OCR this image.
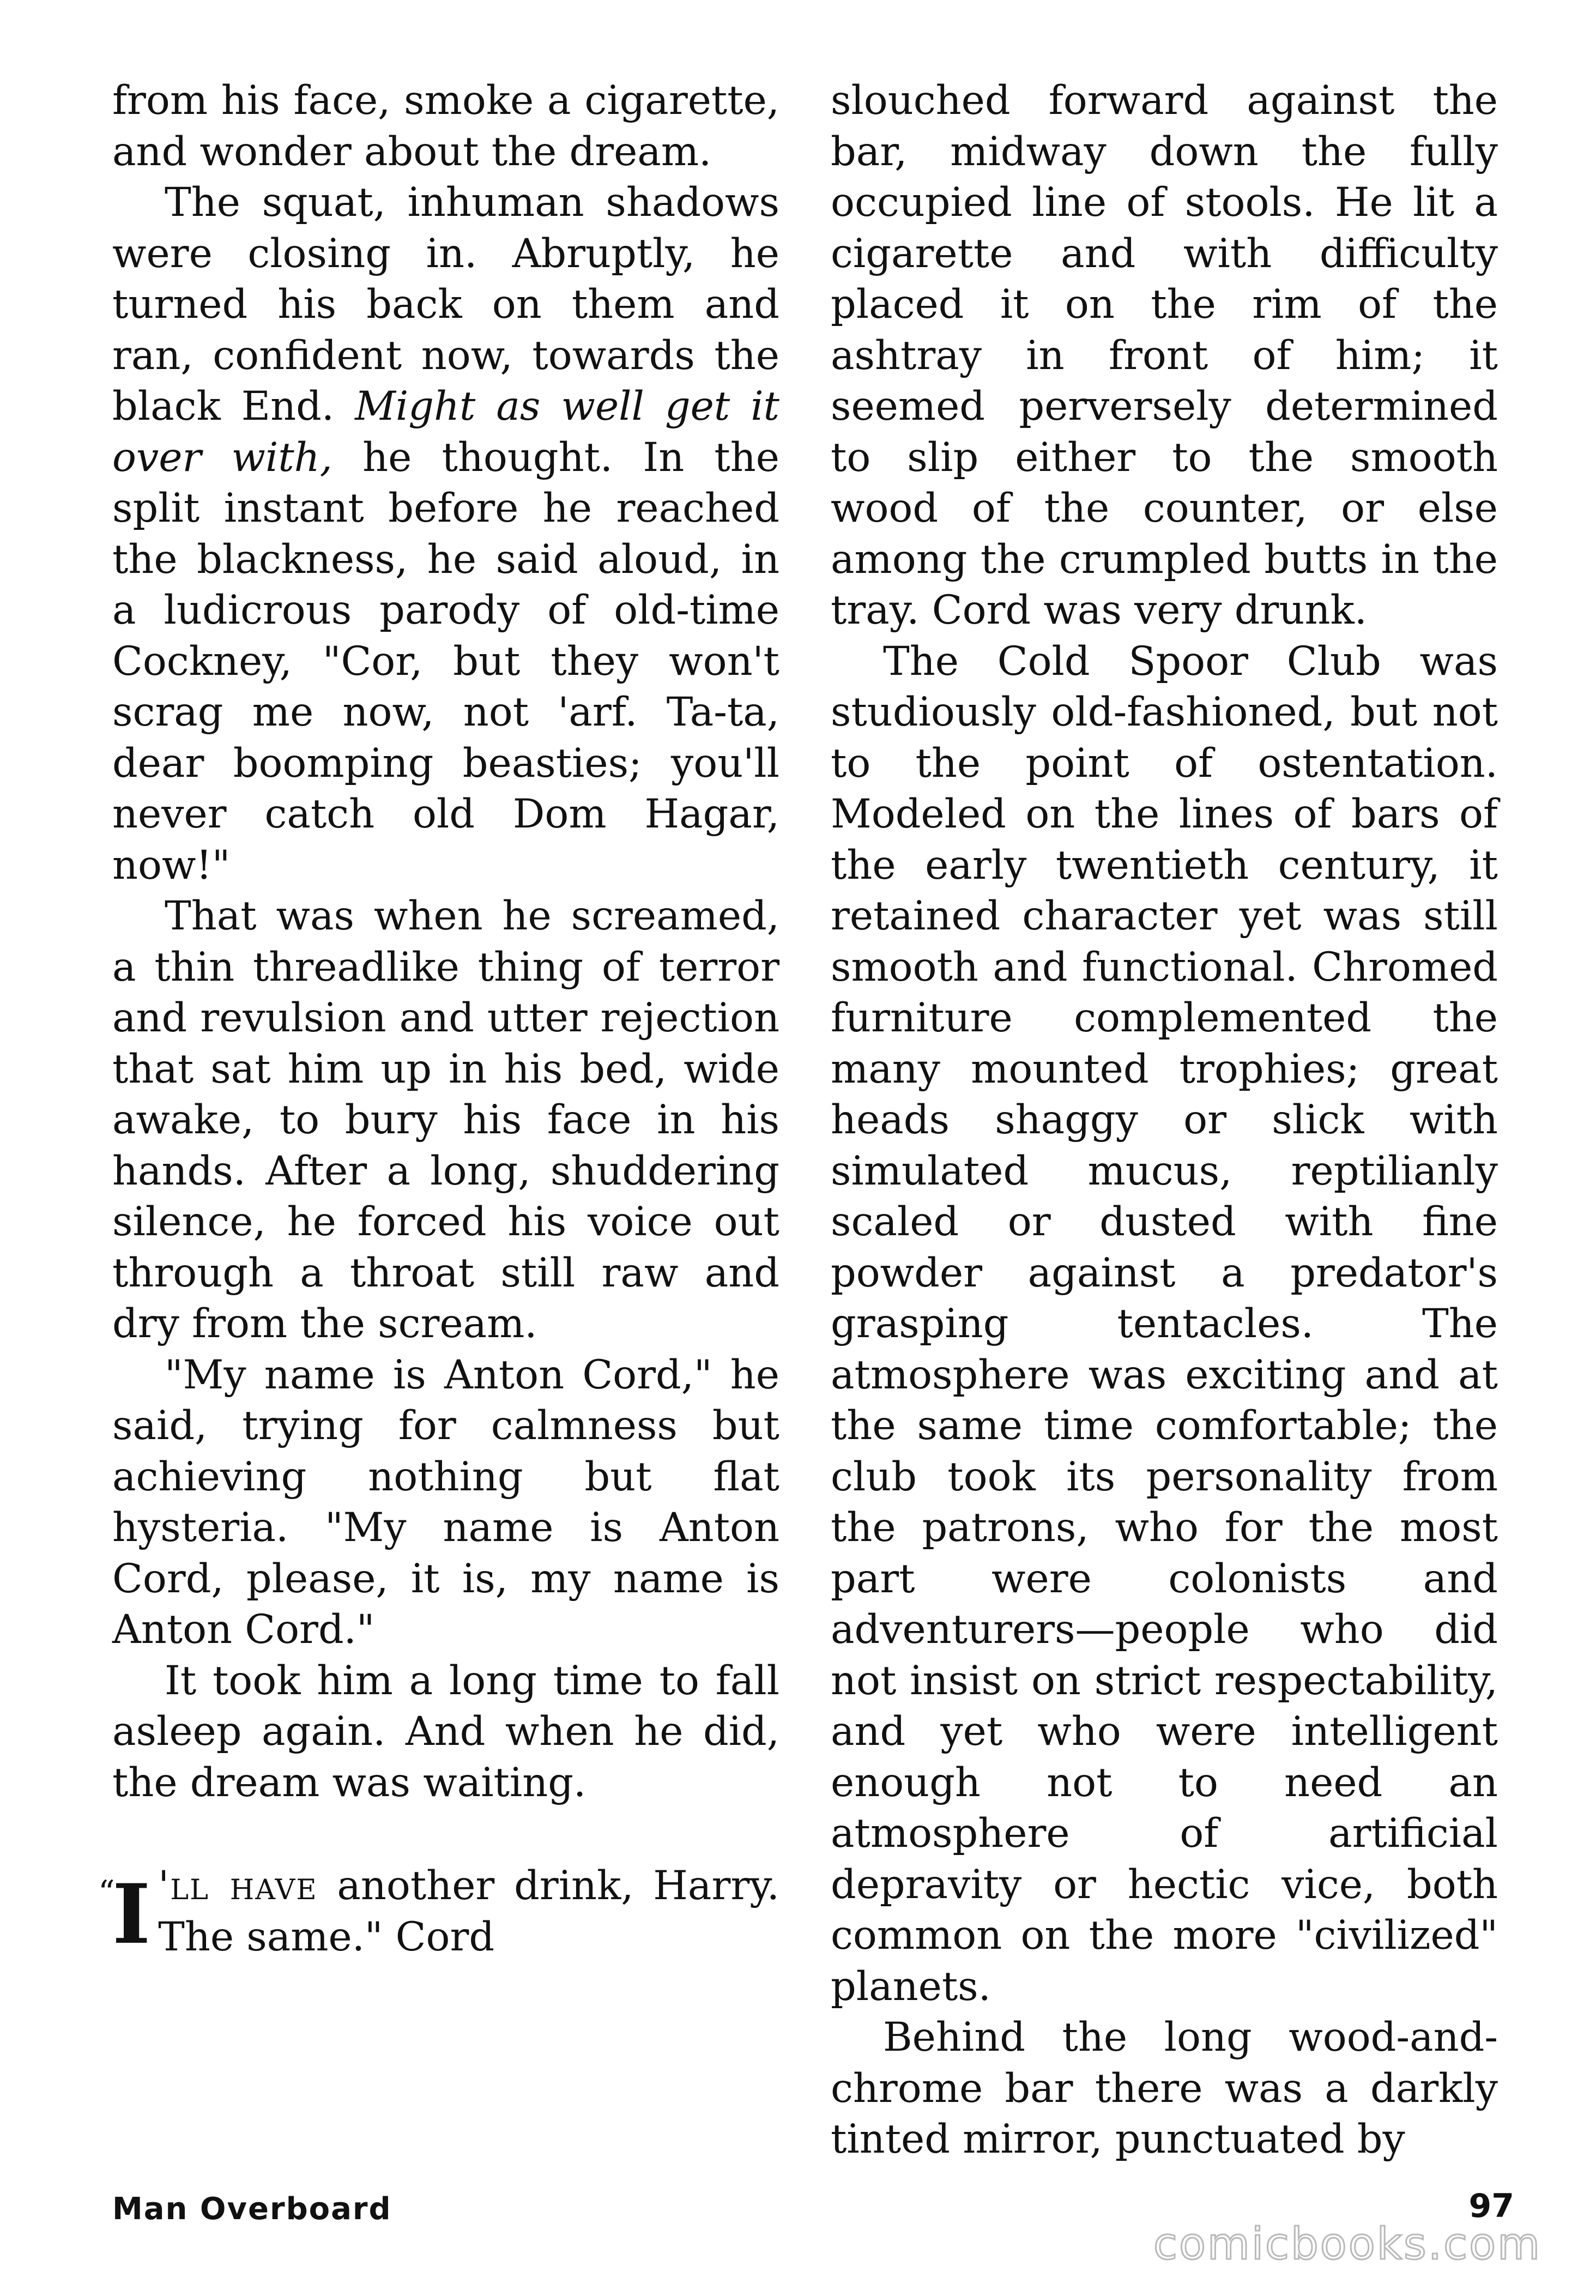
from his face, smoke a cigarette, and wonder about the dream.

The squat, inhuman shadows were closing in. Abruptly, he turned his back on them and ran, confident now, towards the black End. Might as well get it over with, he thought. In the split instant before he reached the blackness, he said aloud, in a ludicrous parody of old-time Cockney, "Cor, but they won't scrag me now, not 'arf. Ta-ta, dear boomping beasties; you'll never catch old Dom Hagar, now!"

That was when he screamed, a thin threadlike thing of terror and revulsion and utter rejection that sat him up in his bed, wide awake, to bury his face in his hands. After a long, shuddering silence, he forced his voice out through a throat still raw and dry from the scream.

"My name is Anton Cord," he said, trying for calmness but achieving nothing but flat hysteria. "My name is Anton Cord, please, it is, my name is Anton Cord."

It took him a long time to fall asleep again. And when he did, the dream was waiting.

“
I 'll have another drink, Harry. The same." Cord

slouched forward against the bar, midway down the fully occupied line of stools. He lit a cigarette and with difficulty placed it on the rim of the ashtray in front of him; it seemed perversely determined to slip either to the smooth wood of the counter, or else among the crumpled butts in the tray. Cord was very drunk.

The Cold Spoor Club was studiously old-fashioned, but not to the point of ostentation. Modeled on the lines of bars of the early twentieth century, it retained character yet was still smooth and functional. Chromed furniture complemented the many mounted trophies; great heads shaggy or slick with simulated mucus, reptilianly scaled or dusted with fine powder against a predator's grasping tentacles. The atmosphere was exciting and at the same time comfortable; the club took its personality from the patrons, who for the most part were colonists and adventurers—people who did not insist on strict respectability, and yet who were intelligent enough not to need an atmosphere of artificial depravity or hectic vice, both common on the more "civilized" planets.

Behind the long wood-and-chrome bar there was a darkly tinted mirror, punctuated by

Man Overboard	97
comicbooks.com
